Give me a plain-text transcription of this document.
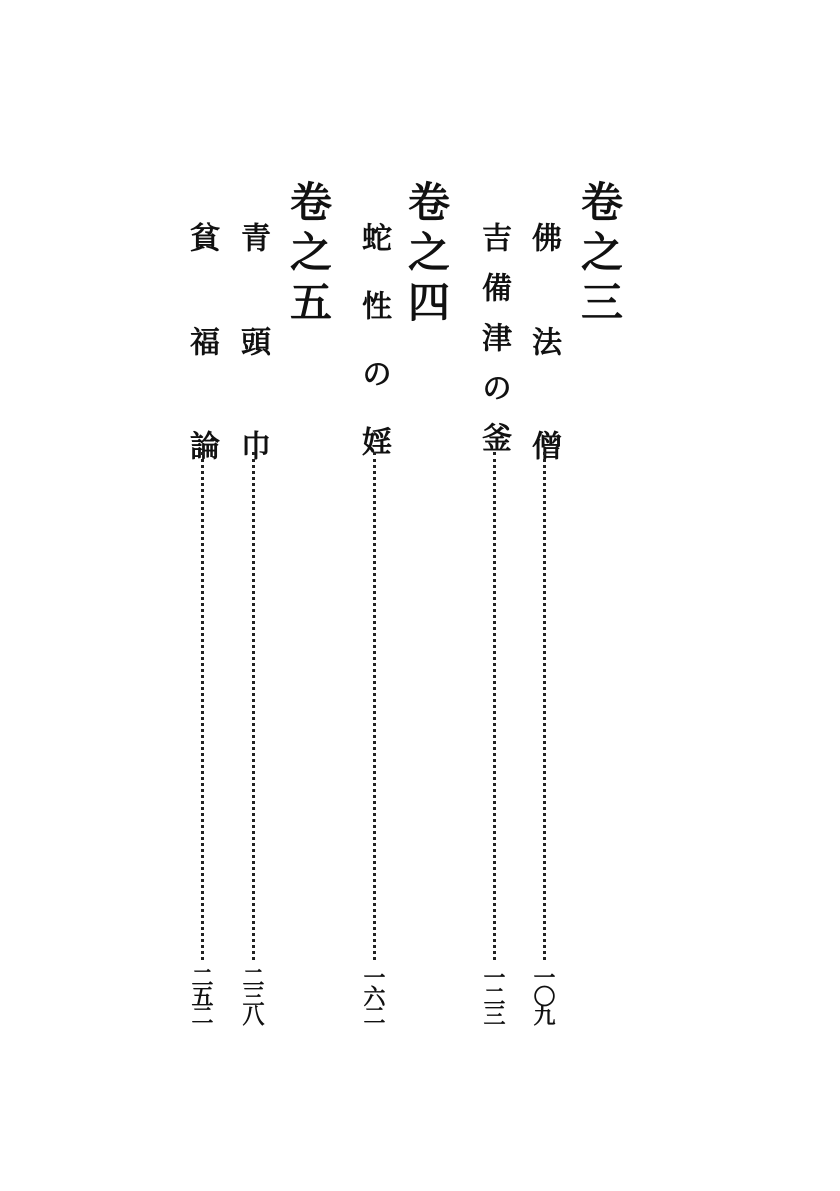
卷之三
佛法僧
一〇九
吉備津の釜
一二三
卷之四
蛇性の婬
一六二
卷之五
青頭巾
二三八
貧福論
二五二
